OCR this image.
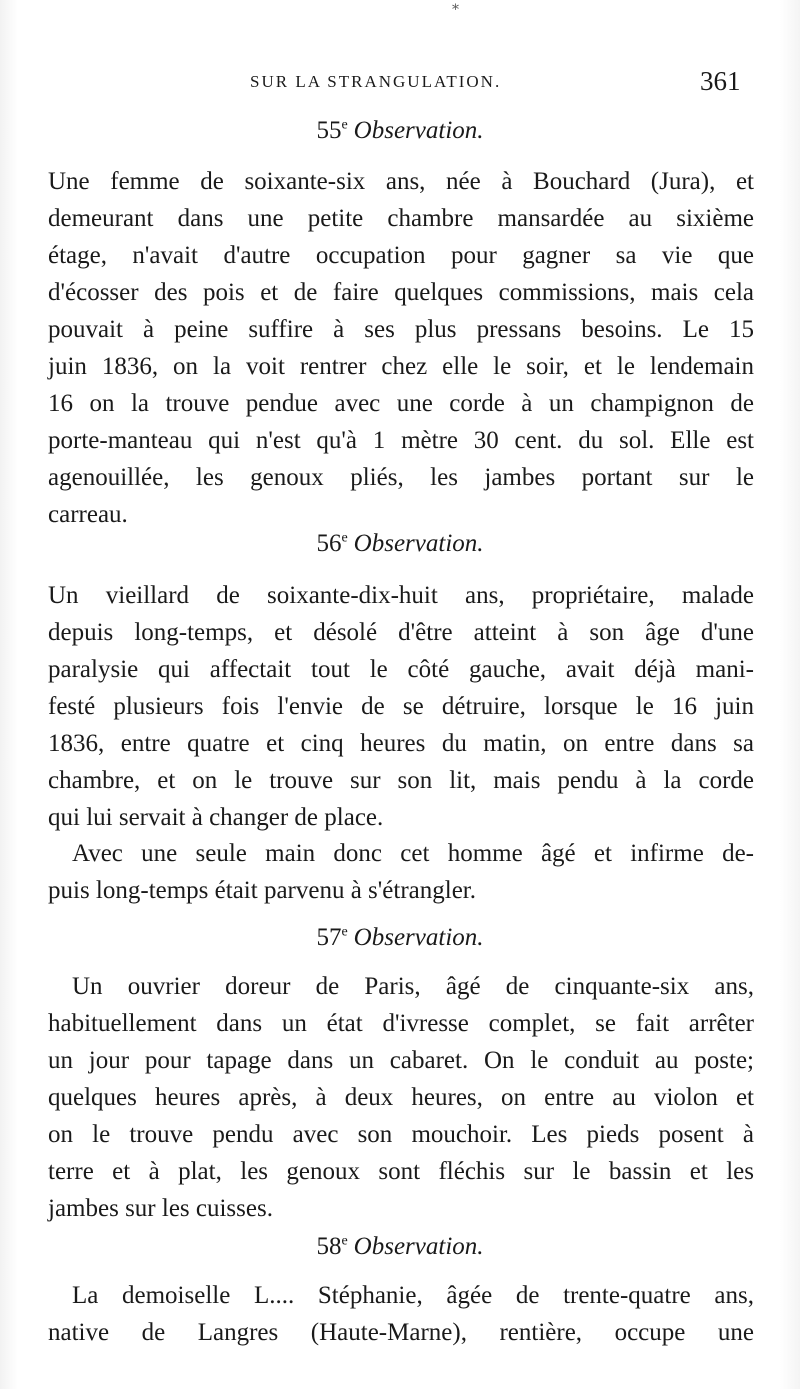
*
SUR LA STRANGULATION.	361
55e Observation.
Une femme de soixante-six ans, née à Bouchard (Jura), et
demeurant dans une petite chambre mansardée au sixième
étage, n'avait d'autre occupation pour gagner sa vie que
d'écosser des pois et de faire quelques commissions, mais cela
pouvait à peine suffire à ses plus pressans besoins. Le 15
juin 1836, on la voit rentrer chez elle le soir, et le lendemain
16 on la trouve pendue avec une corde à un champignon de
porte-manteau qui n'est qu'à 1 mètre 30 cent. du sol. Elle est
agenouillée, les genoux pliés, les jambes portant sur le
carreau.
56e Observation.
Un vieillard de soixante-dix-huit ans, propriétaire, malade
depuis long-temps, et désolé d'être atteint à son âge d'une
paralysie qui affectait tout le côté gauche, avait déjà mani-
festé plusieurs fois l'envie de se détruire, lorsque le 16 juin
1836, entre quatre et cinq heures du matin, on entre dans sa
chambre, et on le trouve sur son lit, mais pendu à la corde
qui lui servait à changer de place.
Avec une seule main donc cet homme âgé et infirme de-
puis long-temps était parvenu à s'étrangler.
57e Observation.
Un ouvrier doreur de Paris, âgé de cinquante-six ans,
habituellement dans un état d'ivresse complet, se fait arrêter
un jour pour tapage dans un cabaret. On le conduit au poste;
quelques heures après, à deux heures, on entre au violon et
on le trouve pendu avec son mouchoir. Les pieds posent à
terre et à plat, les genoux sont fléchis sur le bassin et les
jambes sur les cuisses.
58e Observation.
La demoiselle L.... Stéphanie, âgée de trente-quatre ans,
native de Langres (Haute-Marne), rentière, occupe une
